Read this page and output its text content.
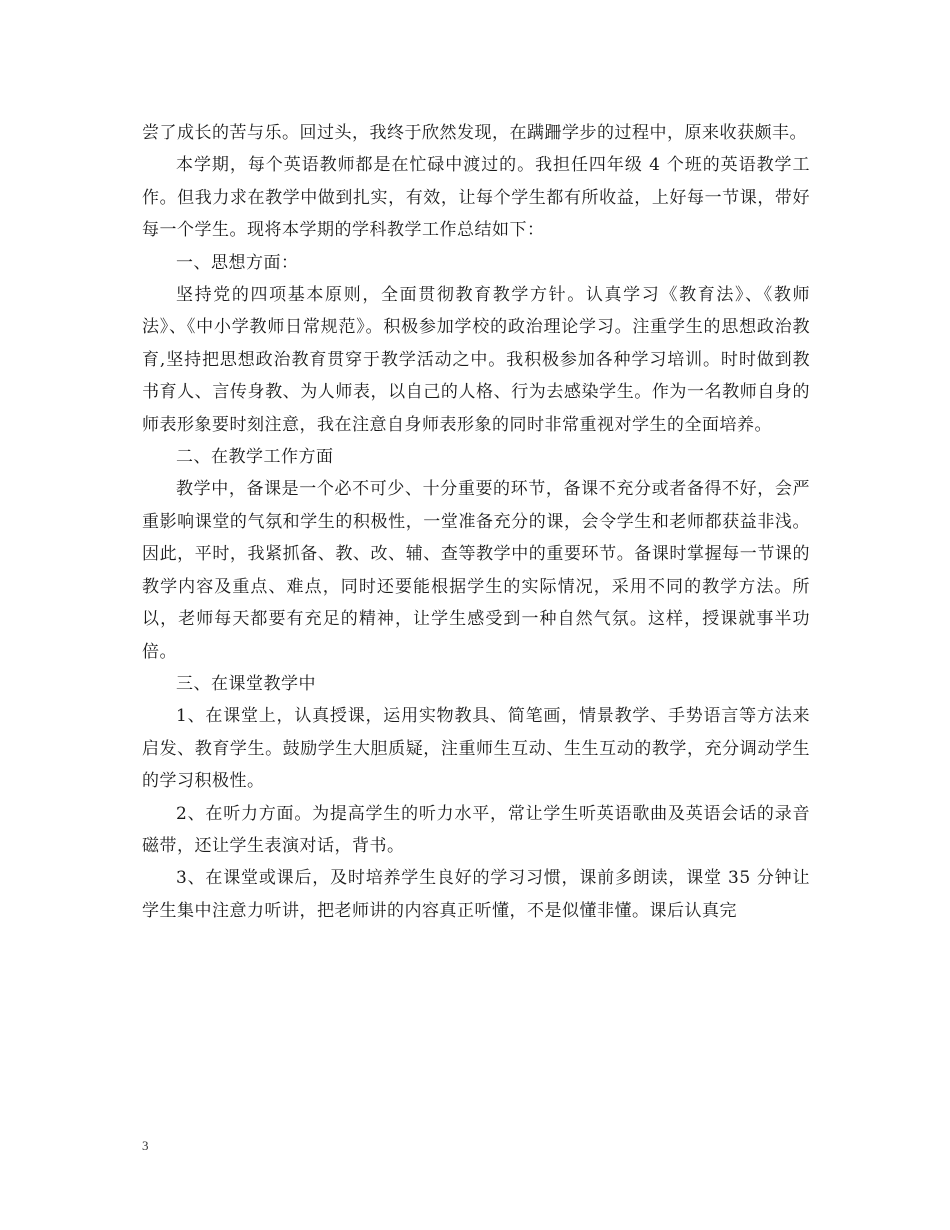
尝了成长的苦与乐。回过头，我终于欣然发现，在蹒跚学步的过程中，原来收获颇丰。

本学期，每个英语教师都是在忙碌中渡过的。我担任四年级 4 个班的英语教学工作。但我力求在教学中做到扎实，有效，让每个学生都有所收益，上好每一节课，带好每一个学生。现将本学期的学科教学工作总结如下：

一、思想方面：

坚持党的四项基本原则，全面贯彻教育教学方针。认真学习《教育法》、《教师法》、《中小学教师日常规范》。积极参加学校的政治理论学习。注重学生的思想政治教育,坚持把思想政治教育贯穿于教学活动之中。我积极参加各种学习培训。时时做到教书育人、言传身教、为人师表，以自己的人格、行为去感染学生。作为一名教师自身的师表形象要时刻注意，我在注意自身师表形象的同时非常重视对学生的全面培养。

二、在教学工作方面

教学中，备课是一个必不可少、十分重要的环节，备课不充分或者备得不好，会严重影响课堂的气氛和学生的积极性，一堂准备充分的课，会令学生和老师都获益非浅。因此，平时，我紧抓备、教、改、辅、查等教学中的重要环节。备课时掌握每一节课的教学内容及重点、难点，同时还要能根据学生的实际情况，采用不同的教学方法。所以，老师每天都要有充足的精神，让学生感受到一种自然气氛。这样，授课就事半功倍。

三、在课堂教学中

1、在课堂上，认真授课，运用实物教具、简笔画，情景教学、手势语言等方法来启发、教育学生。鼓励学生大胆质疑，注重师生互动、生生互动的教学，充分调动学生的学习积极性。

2、在听力方面。为提高学生的听力水平，常让学生听英语歌曲及英语会话的录音磁带，还让学生表演对话，背书。

3、在课堂或课后，及时培养学生良好的学习习惯，课前多朗读，课堂 35 分钟让学生集中注意力听讲，把老师讲的内容真正听懂，不是似懂非懂。课后认真完

3
